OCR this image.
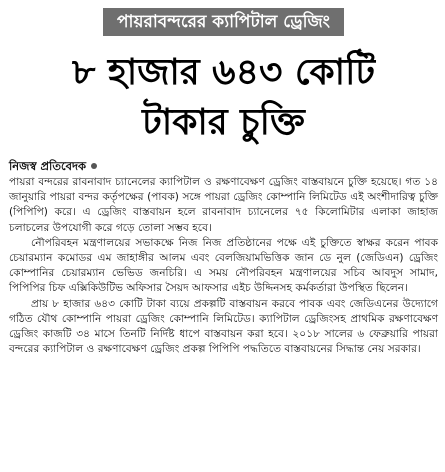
পায়রাবন্দরের ক্যাপিটাল ড্রেজিং
৮ হাজার ৬৪৩ কোটি
টাকার চুক্তি
নিজস্ব প্রতিবেদক

পায়রা বন্দরের রাবনাবাদ চ্যানেলের ক্যাপিটাল ও রক্ষণাবেক্ষণ ড্রেজিং বাস্তবায়নে চুক্তি হয়েছে। গত ১৪ জানুয়ারি পায়রা বন্দর কর্তৃপক্ষের (পাবক) সঙ্গে পায়রা ড্রেজিং কোম্পানি লিমিটেড এই অংশীদারিত্ব চুক্তি (পিপিপি) করে। এ ড্রেজিং বাস্তবায়ন হলে রাবনাবাদ চ্যানেলের ৭৫ কিলোমিটার এলাকা জাহাজ চলাচলের উপযোগী করে গড়ে তোলা সম্ভব হবে।

নৌপরিবহন মন্ত্রণালয়ের সভাকক্ষে নিজ নিজ প্রতিষ্ঠানের পক্ষে এই চুক্তিতে স্বাক্ষর করেন পাবক চেয়ারম্যান কমোডর এম জাহাঙ্গীর আলম এবং বেলজিয়ামভিত্তিক জান ডে নুল (জেডিএন) ড্রেজিং কোম্পানির চেয়ারম্যান ভেভিড জনচিরি। এ সময় নৌপরিবহন মন্ত্রণালয়ের সচিব আবদুস সামাদ, পিপিপির চিফ এক্সিকিউটিভ অফিসার সৈয়দ আফসার এইচ উদ্দিনসহ কর্মকর্তারা উপস্থিত ছিলেন।

প্রায় ৮ হাজার ৬৪৩ কোটি টাকা ব্যয়ে প্রকল্পটি বাস্তবায়ন করবে পাবক এবং জেডিএনের উদ্যোগে গঠিত যৌথ কোম্পানি পায়রা ড্রেজিং কোম্পানি লিমিটেড। ক্যাপিটাল ড্রেজিংসহ প্রাথমিক রক্ষণাবেক্ষণ ড্রেজিং কাজটি ৩৪ মাসে তিনটি নির্দিষ্ট ধাপে বাস্তবায়ন করা হবে। ২০১৮ সালের ৬ ফেব্রুয়ারি পায়রা বন্দরের ক্যাপিটাল ও রক্ষণাবেক্ষণ ড্রেজিং প্রকল্প পিপিপি পদ্ধতিতে বাস্তবায়নের সিদ্ধান্ত নেয় সরকার।
